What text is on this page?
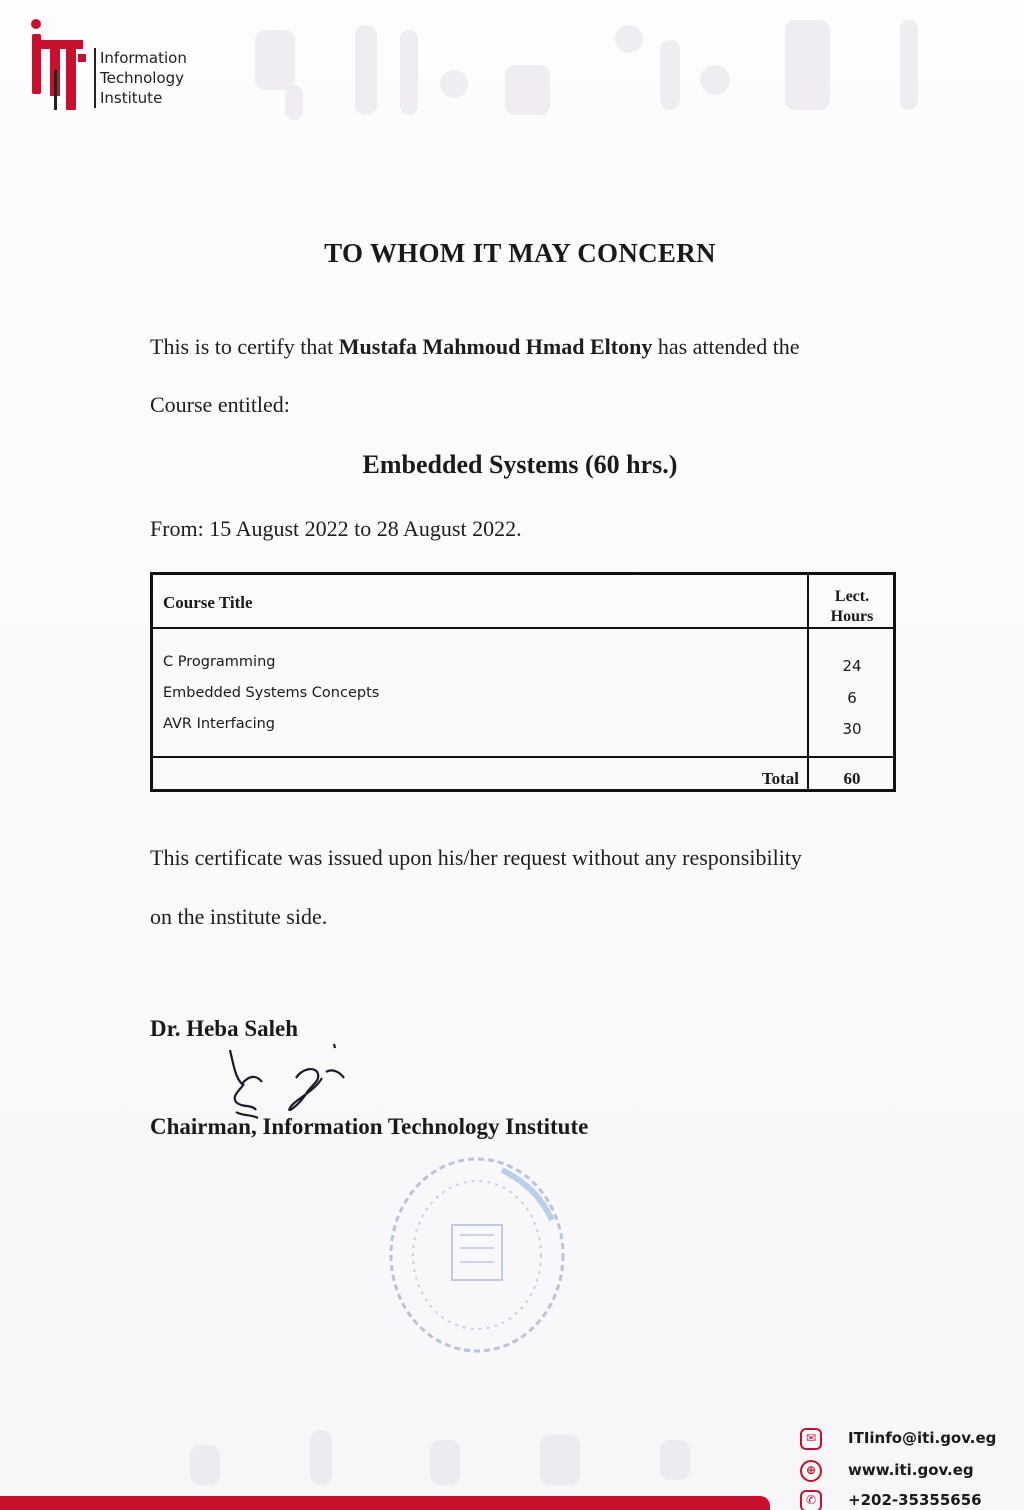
Information
Technology
Institute
TO WHOM IT MAY CONCERN
This is to certify that Mustafa Mahmoud Hmad Eltony has attended the
Course entitled:
Embedded Systems (60 hrs.)
From: 15 August 2022 to 28 August 2022.
Course Title	Lect.
Hours
C Programming	24
Embedded Systems Concepts	6
AVR Interfacing	30
Total	60
This certificate was issued upon his/her request without any responsibility
on the institute side.
Dr. Heba Saleh
Chairman, Information Technology Institute
✉	ITIinfo@iti.gov.eg
⊕	www.iti.gov.eg
✆	+202-35355656
